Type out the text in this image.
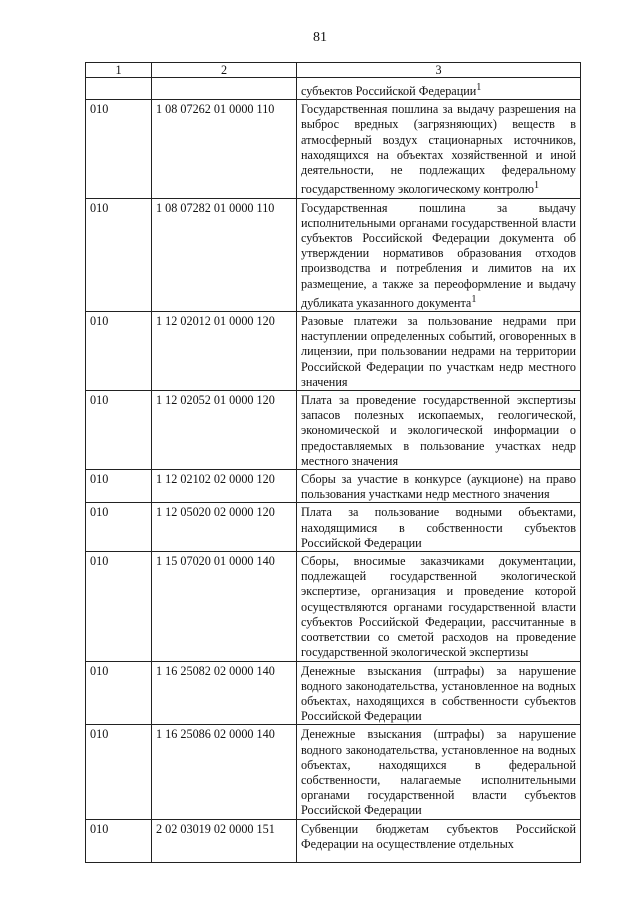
81
1	2	3
		субъектов Российской Федерации$^1$
010	1 08 07262 01 0000 110	Государственная пошлина за выдачу разрешения на выброс вредных (загрязняющих) веществ в атмосферный воздух стационарных источников, находящихся на объектах хозяйственной и иной деятельности, не подлежащих федеральному государственному экологическому контролю$^1$
010	1 08 07282 01 0000 110	Государственная пошлина за выдачу исполнительными органами государственной власти субъектов Российской Федерации документа об утверждении нормативов образования отходов производства и потребления и лимитов на их размещение, а также за переоформление и выдачу дубликата указанного документа$^1$
010	1 12 02012 01 0000 120	Разовые платежи за пользование недрами при наступлении определенных событий, оговоренных в лицензии, при пользовании недрами на территории Российской Федерации по участкам недр местного значения
010	1 12 02052 01 0000 120	Плата за проведение государственной экспертизы запасов полезных ископаемых, геологической, экономической и экологической информации о предоставляемых в пользование участках недр местного значения
010	1 12 02102 02 0000 120	Сборы за участие в конкурсе (аукционе) на право пользования участками недр местного значения
010	1 12 05020 02 0000 120	Плата за пользование водными объектами, находящимися в собственности субъектов Российской Федерации
010	1 15 07020 01 0000 140	Сборы, вносимые заказчиками документации, подлежащей государственной экологической экспертизе, организация и проведение которой осуществляются органами государственной власти субъектов Российской Федерации, рассчитанные в соответствии со сметой расходов на проведение государственной экологической экспертизы
010	1 16 25082 02 0000 140	Денежные взыскания (штрафы) за нарушение водного законодательства, установленное на водных объектах, находящихся в собственности субъектов Российской Федерации
010	1 16 25086 02 0000 140	Денежные взыскания (штрафы) за нарушение водного законодательства, установленное на водных объектах, находящихся в федеральной собственности, налагаемые исполнительными органами государственной власти субъектов Российской Федерации
010	2 02 03019 02 0000 151	Субвенции бюджетам субъектов Российской Федерации на осуществление отдельных
